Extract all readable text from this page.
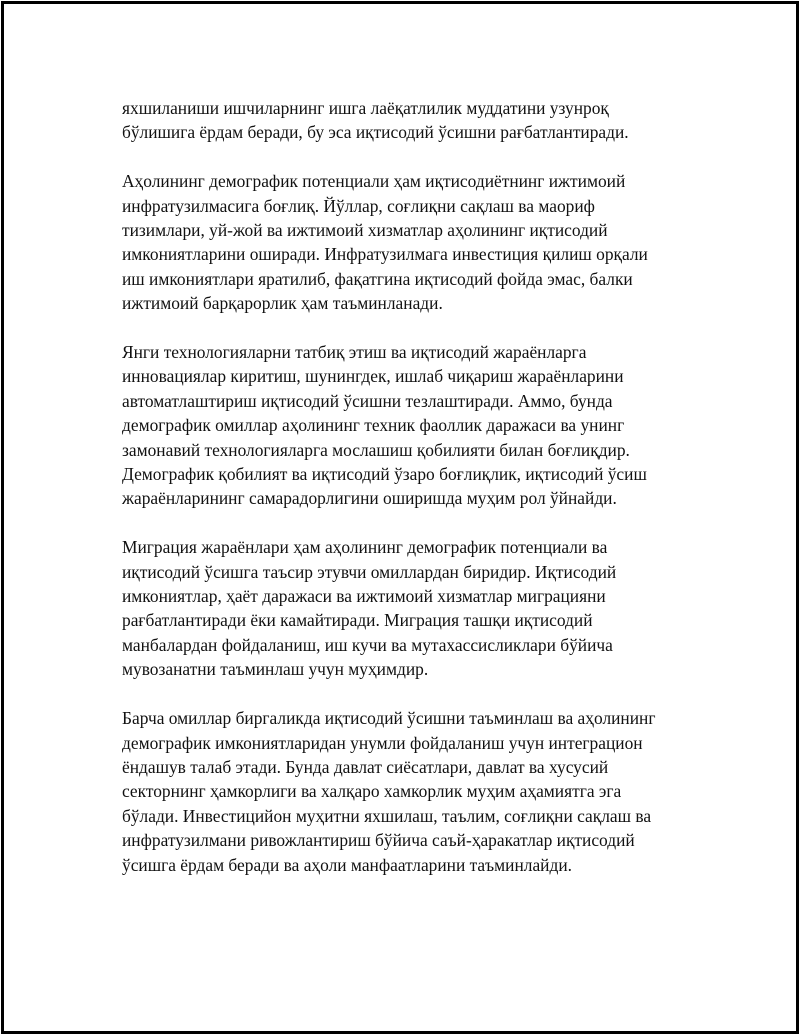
яхшиланиши ишчиларнинг ишга лаёқатлилик муддатини узунроқ
бўлишига ёрдам беради, бу эса иқтисодий ўсишни рағбатлантиради.

Аҳолининг демографик потенциали ҳам иқтисодиётнинг ижтимоий
инфратузилмасига боғлиқ. Йўллар, соғлиқни сақлаш ва маориф
тизимлари, уй-жой ва ижтимоий хизматлар аҳолининг иқтисодий
имкониятларини оширади. Инфратузилмага инвестиция қилиш орқали
иш имкониятлари яратилиб, фақатгина иқтисодий фойда эмас, балки
ижтимоий барқарорлик ҳам таъминланади.

Янги технологияларни татбиқ этиш ва иқтисодий жараёнларга
инновациялар киритиш, шунингдек, ишлаб чиқариш жараёнларини
автоматлаштириш иқтисодий ўсишни тезлаштиради. Аммо, бунда
демографик омиллар аҳолининг техник фаоллик даражаси ва унинг
замонавий технологияларга мослашиш қобилияти билан боғлиқдир.
Демографик қобилият ва иқтисодий ўзаро боғлиқлик, иқтисодий ўсиш
жараёнларининг самарадорлигини оширишда муҳим рол ўйнайди.

Миграция жараёнлари ҳам аҳолининг демографик потенциали ва
иқтисодий ўсишга таъсир этувчи омиллардан биридир. Иқтисодий
имкониятлар, ҳаёт даражаси ва ижтимоий хизматлар миграцияни
рағбатлантиради ёки камайтиради. Миграция ташқи иқтисодий
манбалардан фойдаланиш, иш кучи ва мутахассисликлари бўйича
мувозанатни таъминлаш учун муҳимдир.

Барча омиллар биргаликда иқтисодий ўсишни таъминлаш ва аҳолининг
демографик имкониятларидан унумли фойдаланиш учун интеграцион
ёндашув талаб этади. Бунда давлат сиёсатлари, давлат ва хусусий
секторнинг ҳамкорлиги ва халқаро хамкорлик муҳим аҳамиятга эга
бўлади. Инвестицийон муҳитни яхшилаш, таълим, соғлиқни сақлаш ва
инфратузилмани ривожлантириш бўйича саъй-ҳаракатлар иқтисодий
ўсишга ёрдам беради ва аҳоли манфаатларини таъминлайди.
